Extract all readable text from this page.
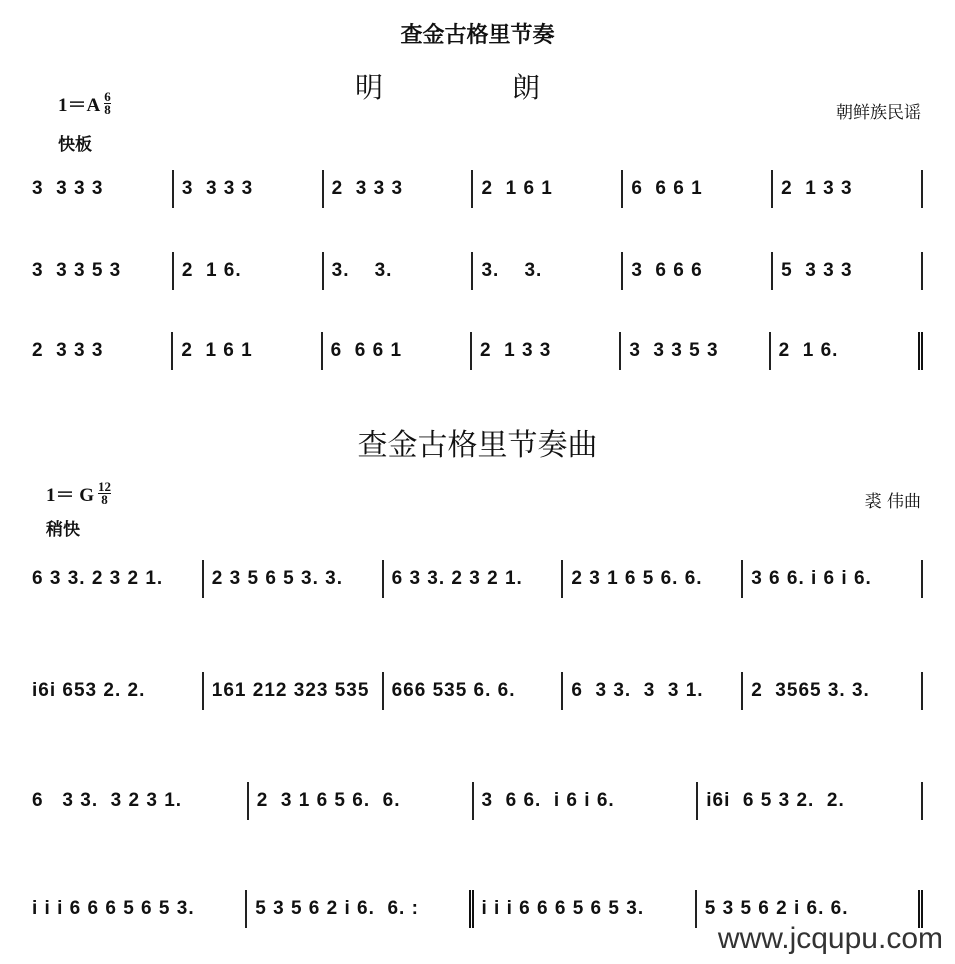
查金古格里节奏
明 朗
$1=A \frac{6}{8}$
快板
朝鲜族民谣
3  3 3 3	3  3 3 3	2  3 3 3	2  1 6 1	6  6 6 1	2  1 3 3
3  3 3 5 3	2  1 6.	3.    3.	3.    3.	3  6 6 6	5  3 3 3
2  3 3 3	2  1 6 1	6  6 6 1	2  1 3 3	3  3 3 5 3	2  1 6.
查金古格里节奏曲
1＝ G $\frac{12}{8}$
稍快
裘 伟曲
6 3 3. 2 3 2 1.	2 3 5 6 5 3. 3.	6 3 3. 2 3 2 1.	2 3 1 6 5 6. 6.	3 6 6. i 6 i 6.
i6i 653 2. 2.	161 212 323 535	666 535 6. 6.	6  3 3.  3  3 1.	2  3565 3. 3.
6   3 3.  3 2 3 1.	2  3 1 6 5 6.  6.	3  6 6.  i 6 i 6.	i6i  6 5 3 2.  2.
i i i 6 6 6 5 6 5 3.	5 3 5 6 2 i 6.  6. :	i i i 6 6 6 5 6 5 3.	5 3 5 6 2 i 6. 6.
www.jcqupu.com
